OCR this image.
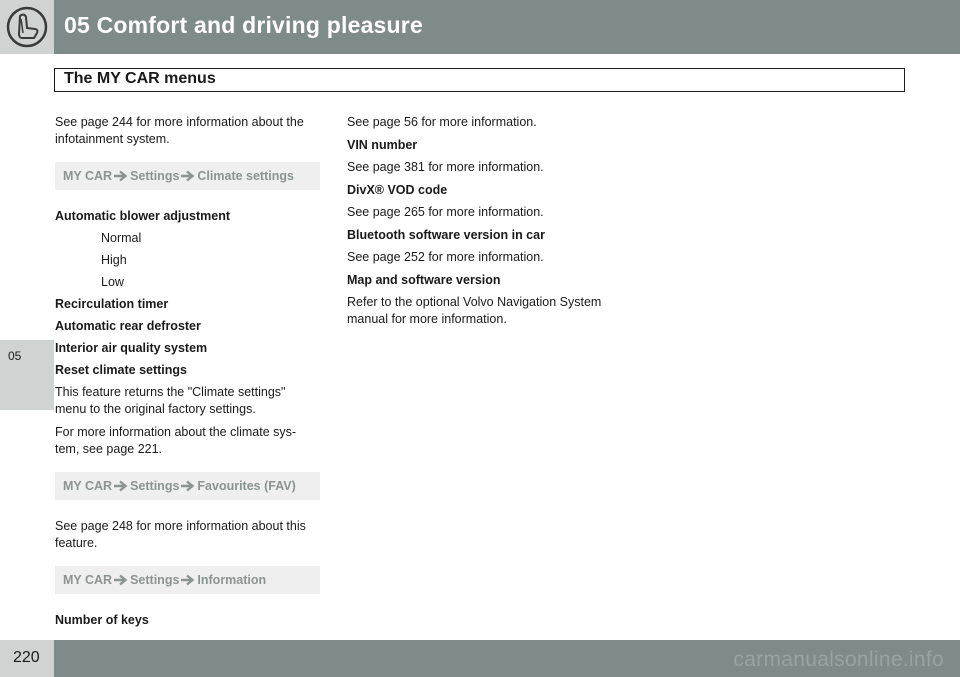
05 Comfort and driving pleasure
05
The MY CAR menus

See page 244 for more information about the infotainment system.

MY CAR Settings Climate settings

Automatic blower adjustment

Normal

High

Low

Recirculation timer

Automatic rear defroster

Interior air quality system

Reset climate settings

This feature returns the "Climate settings" menu to the original factory settings.

For more information about the climate sys-tem, see page 221.

MY CAR Settings Favourites (FAV)

See page 248 for more information about this feature.

MY CAR Settings Information

Number of keys

See page 56 for more information.

VIN number

See page 381 for more information.

DivX® VOD code

See page 265 for more information.

Bluetooth software version in car

See page 252 for more information.

Map and software version

Refer to the optional Volvo Navigation System manual for more information.

220	carmanualsonline.info
